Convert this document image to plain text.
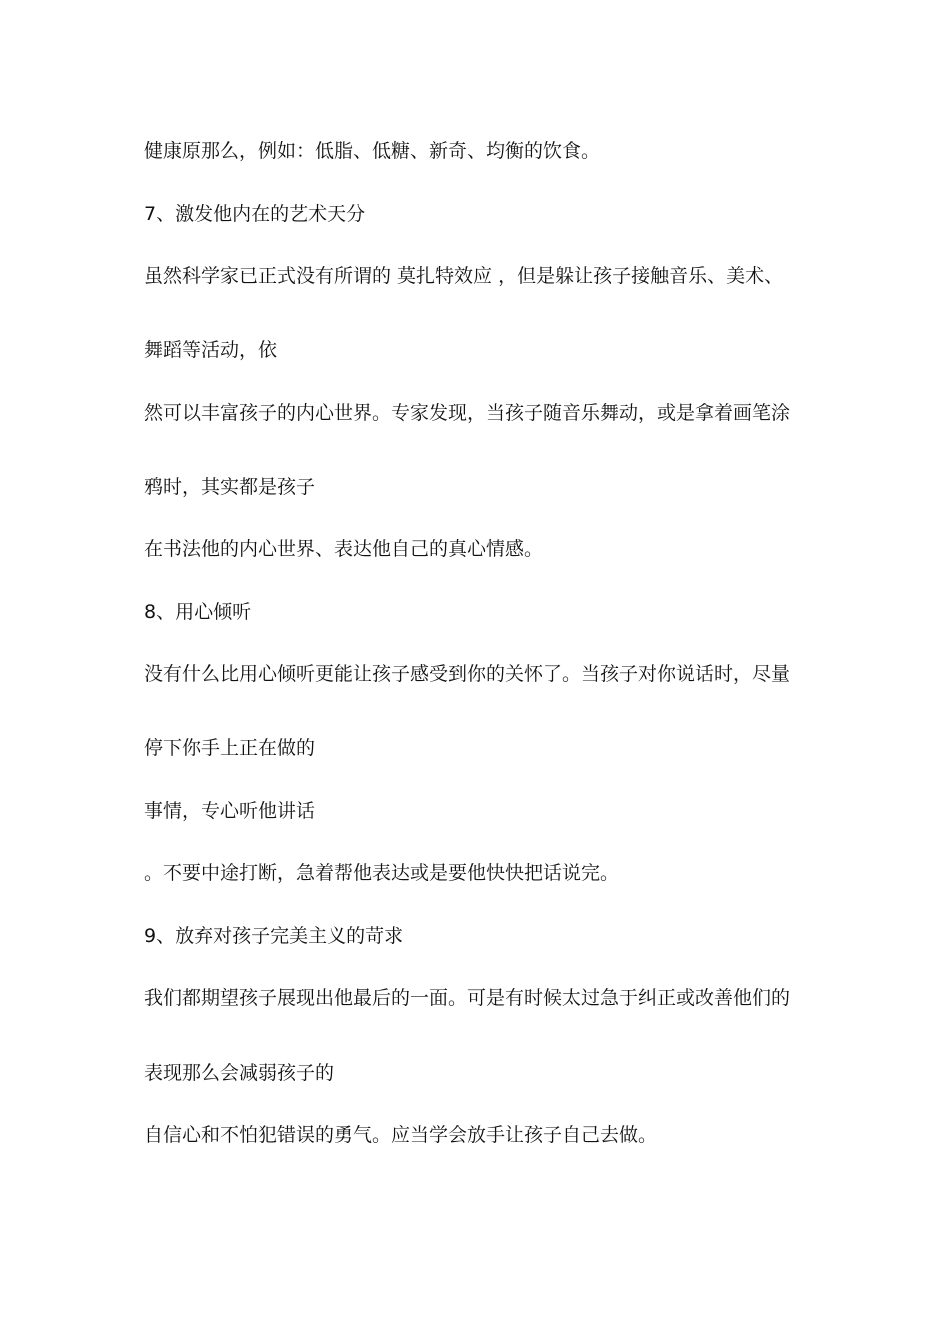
健康原那么，例如：低脂、低糖、新奇、均衡的饮食。
7、激发他内在的艺术天分
虽然科学家已正式没有所谓的 莫扎特效应 ，但是躲让孩子接触音乐、美术、
舞蹈等活动，依
然可以丰富孩子的内心世界。专家发现，当孩子随音乐舞动，或是拿着画笔涂
鸦时，其实都是孩子
在书法他的内心世界、表达他自己的真心情感。
8、用心倾听
没有什么比用心倾听更能让孩子感受到你的关怀了。当孩子对你说话时，尽量
停下你手上正在做的
事情，专心听他讲话
。不要中途打断，急着帮他表达或是要他快快把话说完。
9、放弃对孩子完美主义的苛求
我们都期望孩子展现出他最后的一面。可是有时候太过急于纠正或改善他们的
表现那么会减弱孩子的
自信心和不怕犯错误的勇气。应当学会放手让孩子自己去做。
